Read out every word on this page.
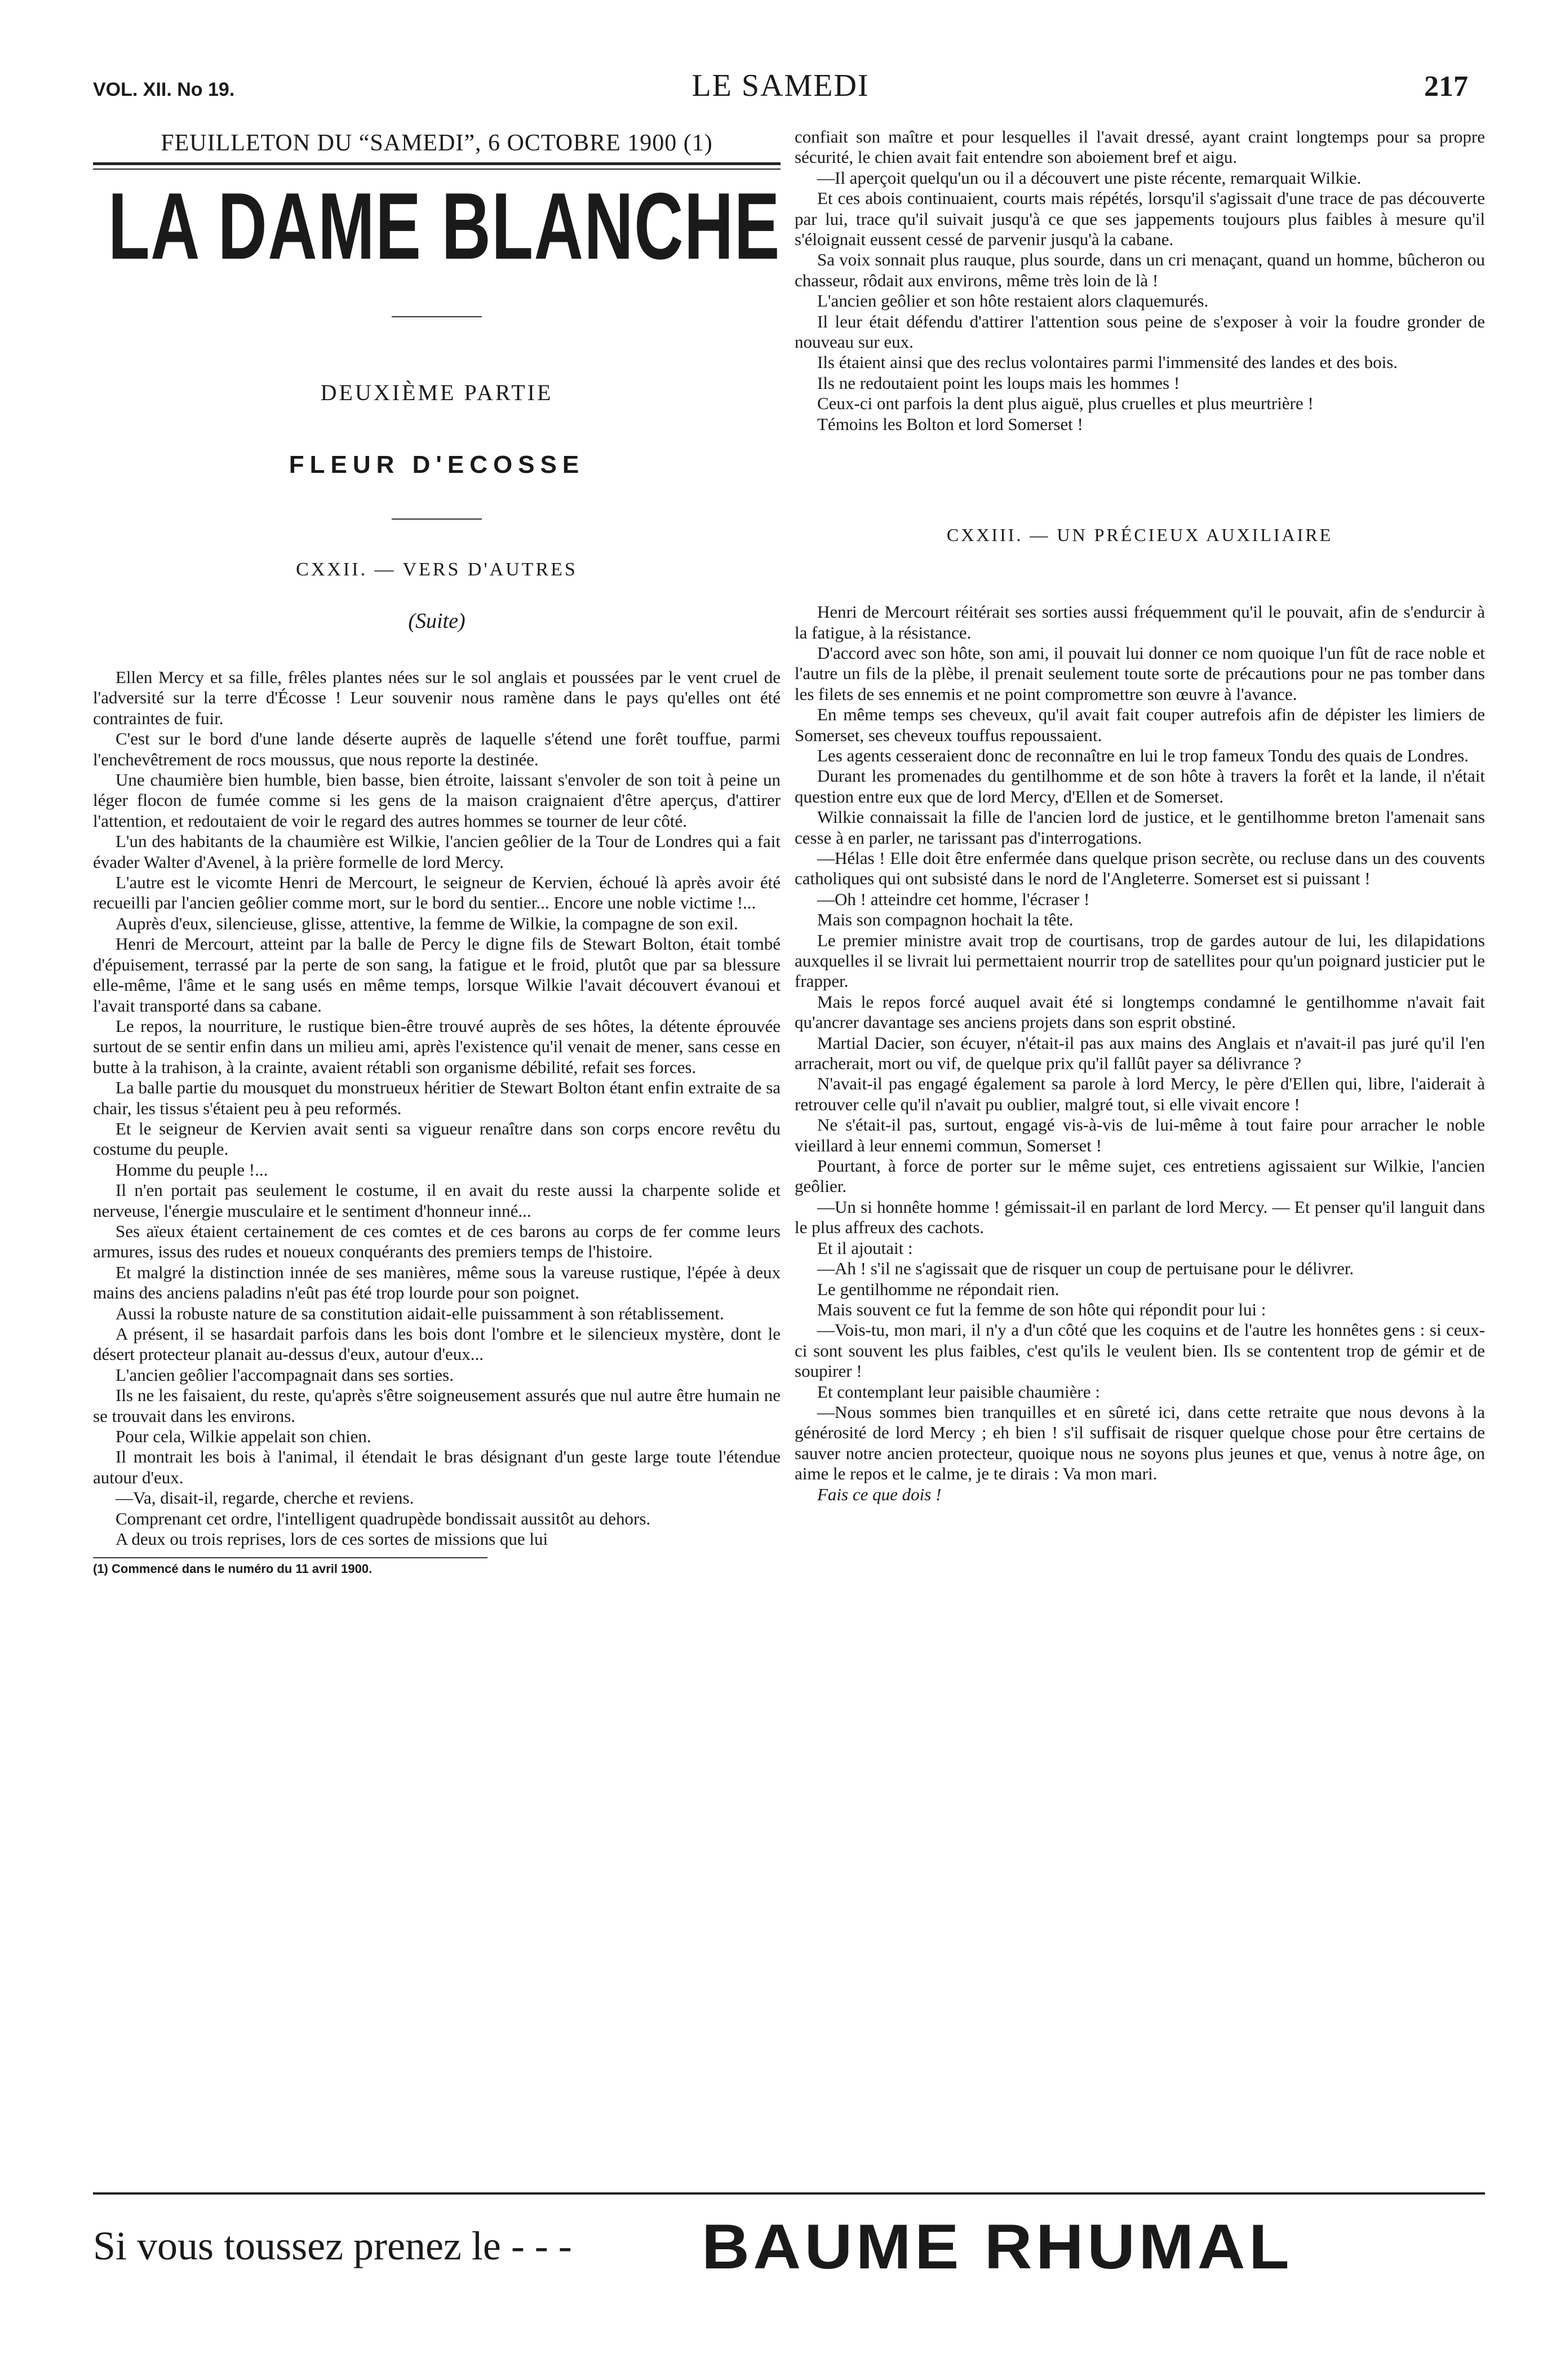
VOL. XII. No 19.	LE SAMEDI	217
FEUILLETON DU “SAMEDI”, 6 OCTOBRE 1900 (1)
LA DAME BLANCHE
DEUXIÈME PARTIE
FLEUR D'ECOSSE
CXXII. — VERS D'AUTRES
(Suite)

Ellen Mercy et sa fille, frêles plantes nées sur le sol anglais et poussées par le vent cruel de l'adversité sur la terre d'Écosse ! Leur souvenir nous ramène dans le pays qu'elles ont été contraintes de fuir.

C'est sur le bord d'une lande déserte auprès de laquelle s'étend une forêt touffue, parmi l'enchevêtrement de rocs moussus, que nous reporte la destinée.

Une chaumière bien humble, bien basse, bien étroite, laissant s'envoler de son toit à peine un léger flocon de fumée comme si les gens de la maison craignaient d'être aperçus, d'attirer l'attention, et redoutaient de voir le regard des autres hommes se tourner de leur côté.

L'un des habitants de la chaumière est Wilkie, l'ancien geôlier de la Tour de Londres qui a fait évader Walter d'Avenel, à la prière formelle de lord Mercy.

L'autre est le vicomte Henri de Mercourt, le seigneur de Kervien, échoué là après avoir été recueilli par l'ancien geôlier comme mort, sur le bord du sentier... Encore une noble victime !...

Auprès d'eux, silencieuse, glisse, attentive, la femme de Wilkie, la compagne de son exil.

Henri de Mercourt, atteint par la balle de Percy le digne fils de Stewart Bolton, était tombé d'épuisement, terrassé par la perte de son sang, la fatigue et le froid, plutôt que par sa blessure elle-même, l'âme et le sang usés en même temps, lorsque Wilkie l'avait découvert évanoui et l'avait transporté dans sa cabane.

Le repos, la nourriture, le rustique bien-être trouvé auprès de ses hôtes, la détente éprouvée surtout de se sentir enfin dans un milieu ami, après l'existence qu'il venait de mener, sans cesse en butte à la trahison, à la crainte, avaient rétabli son organisme débilité, refait ses forces.

La balle partie du mousquet du monstrueux héritier de Stewart Bolton étant enfin extraite de sa chair, les tissus s'étaient peu à peu reformés.

Et le seigneur de Kervien avait senti sa vigueur renaître dans son corps encore revêtu du costume du peuple.

Homme du peuple !...

Il n'en portait pas seulement le costume, il en avait du reste aussi la charpente solide et nerveuse, l'énergie musculaire et le sentiment d'honneur inné...

Ses aïeux étaient certainement de ces comtes et de ces barons au corps de fer comme leurs armures, issus des rudes et noueux conquérants des premiers temps de l'histoire.

Et malgré la distinction innée de ses manières, même sous la vareuse rustique, l'épée à deux mains des anciens paladins n'eût pas été trop lourde pour son poignet.

Aussi la robuste nature de sa constitution aidait-elle puissamment à son rétablissement.

A présent, il se hasardait parfois dans les bois dont l'ombre et le silencieux mystère, dont le désert protecteur planait au-dessus d'eux, autour d'eux...

L'ancien geôlier l'accompagnait dans ses sorties.

Ils ne les faisaient, du reste, qu'après s'être soigneusement assurés que nul autre être humain ne se trouvait dans les environs.

Pour cela, Wilkie appelait son chien.

Il montrait les bois à l'animal, il étendait le bras désignant d'un geste large toute l'étendue autour d'eux.

—Va, disait-il, regarde, cherche et reviens.

Comprenant cet ordre, l'intelligent quadrupède bondissait aussitôt au dehors.

A deux ou trois reprises, lors de ces sortes de missions que lui

(1) Commencé dans le numéro du 11 avril 1900.

confiait son maître et pour lesquelles il l'avait dressé, ayant craint longtemps pour sa propre sécurité, le chien avait fait entendre son aboiement bref et aigu.

—Il aperçoit quelqu'un ou il a découvert une piste récente, remarquait Wilkie.

Et ces abois continuaient, courts mais répétés, lorsqu'il s'agissait d'une trace de pas découverte par lui, trace qu'il suivait jusqu'à ce que ses jappements toujours plus faibles à mesure qu'il s'éloignait eussent cessé de parvenir jusqu'à la cabane.

Sa voix sonnait plus rauque, plus sourde, dans un cri menaçant, quand un homme, bûcheron ou chasseur, rôdait aux environs, même très loin de là !

L'ancien geôlier et son hôte restaient alors claquemurés.

Il leur était défendu d'attirer l'attention sous peine de s'exposer à voir la foudre gronder de nouveau sur eux.

Ils étaient ainsi que des reclus volontaires parmi l'immensité des landes et des bois.

Ils ne redoutaient point les loups mais les hommes !

Ceux-ci ont parfois la dent plus aiguë, plus cruelles et plus meurtrière !

Témoins les Bolton et lord Somerset !

CXXIII. — UN PRÉCIEUX AUXILIAIRE

Henri de Mercourt réitérait ses sorties aussi fréquemment qu'il le pouvait, afin de s'endurcir à la fatigue, à la résistance.

D'accord avec son hôte, son ami, il pouvait lui donner ce nom quoique l'un fût de race noble et l'autre un fils de la plèbe, il prenait seulement toute sorte de précautions pour ne pas tomber dans les filets de ses ennemis et ne point compromettre son œuvre à l'avance.

En même temps ses cheveux, qu'il avait fait couper autrefois afin de dépister les limiers de Somerset, ses cheveux touffus repoussaient.

Les agents cesseraient donc de reconnaître en lui le trop fameux Tondu des quais de Londres.

Durant les promenades du gentilhomme et de son hôte à travers la forêt et la lande, il n'était question entre eux que de lord Mercy, d'Ellen et de Somerset.

Wilkie connaissait la fille de l'ancien lord de justice, et le gentilhomme breton l'amenait sans cesse à en parler, ne tarissant pas d'interrogations.

—Hélas ! Elle doit être enfermée dans quelque prison secrète, ou recluse dans un des couvents catholiques qui ont subsisté dans le nord de l'Angleterre. Somerset est si puissant !

—Oh ! atteindre cet homme, l'écraser !

Mais son compagnon hochait la tête.

Le premier ministre avait trop de courtisans, trop de gardes autour de lui, les dilapidations auxquelles il se livrait lui permettaient nourrir trop de satellites pour qu'un poignard justicier put le frapper.

Mais le repos forcé auquel avait été si longtemps condamné le gentilhomme n'avait fait qu'ancrer davantage ses anciens projets dans son esprit obstiné.

Martial Dacier, son écuyer, n'était-il pas aux mains des Anglais et n'avait-il pas juré qu'il l'en arracherait, mort ou vif, de quelque prix qu'il fallût payer sa délivrance ?

N'avait-il pas engagé également sa parole à lord Mercy, le père d'Ellen qui, libre, l'aiderait à retrouver celle qu'il n'avait pu oublier, malgré tout, si elle vivait encore !

Ne s'était-il pas, surtout, engagé vis-à-vis de lui-même à tout faire pour arracher le noble vieillard à leur ennemi commun, Somerset !

Pourtant, à force de porter sur le même sujet, ces entretiens agissaient sur Wilkie, l'ancien geôlier.

—Un si honnête homme ! gémissait-il en parlant de lord Mercy. — Et penser qu'il languit dans le plus affreux des cachots.

Et il ajoutait :

—Ah ! s'il ne s'agissait que de risquer un coup de pertuisane pour le délivrer.

Le gentilhomme ne répondait rien.

Mais souvent ce fut la femme de son hôte qui répondit pour lui :

—Vois-tu, mon mari, il n'y a d'un côté que les coquins et de l'autre les honnêtes gens : si ceux-ci sont souvent les plus faibles, c'est qu'ils le veulent bien. Ils se contentent trop de gémir et de soupirer !

Et contemplant leur paisible chaumière :

—Nous sommes bien tranquilles et en sûreté ici, dans cette retraite que nous devons à la générosité de lord Mercy ; eh bien ! s'il suffisait de risquer quelque chose pour être certains de sauver notre ancien protecteur, quoique nous ne soyons plus jeunes et que, venus à notre âge, on aime le repos et le calme, je te dirais : Va mon mari.

Fais ce que dois !

Si vous toussez prenez le - - - BAUME RHUMAL
